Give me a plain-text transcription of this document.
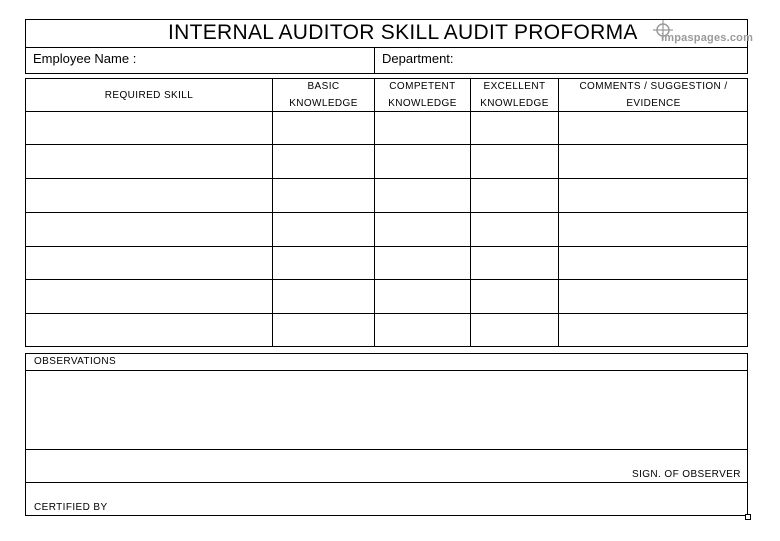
INTERNAL AUDITOR SKILL AUDIT PROFORMA impaspages.com
Employee Name :	Department:
REQUIRED SKILL
BASIC
KNOWLEDGE
COMPETENT
KNOWLEDGE
EXCELLENT
KNOWLEDGE
COMMENTS / SUGGESTION /
EVIDENCE
OBSERVATIONS
SIGN. OF OBSERVER
CERTIFIED BY
